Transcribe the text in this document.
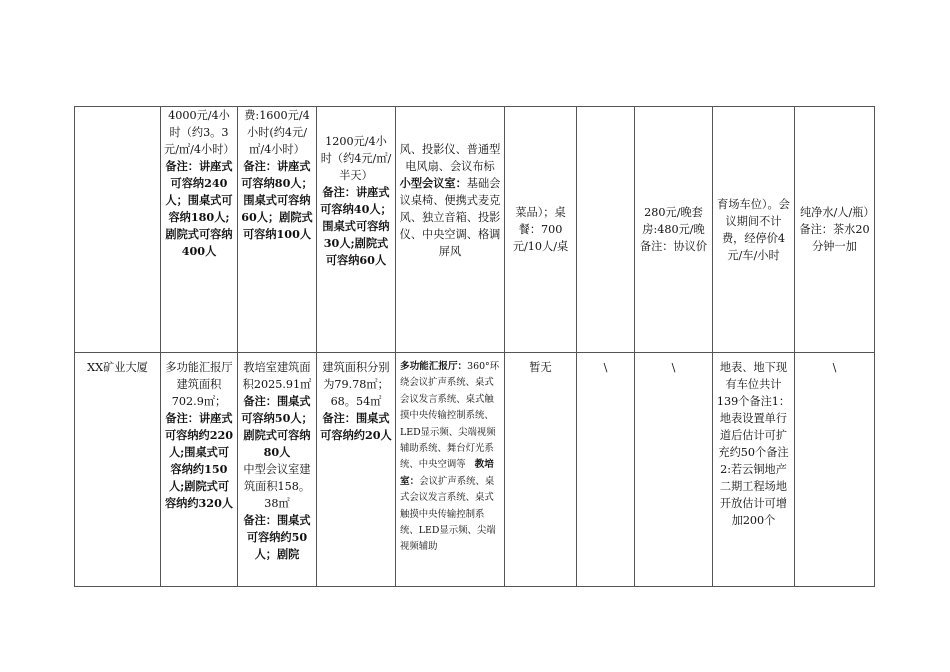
	4000元/4小时（约3。3元/㎡/4小时）
备注：讲座式可容纳240人；围桌式可容纳180人;剧院式可容纳400人	费:1600元/4小时(约4元/㎡/4小时）
备注：讲座式可容纳80人；围桌式可容纳60人；剧院式可容纳100人	1200元/4小时（约4元/㎡/半天）
备注：讲座式可容纳40人；围桌式可容纳30人;剧院式可容纳60人	风、投影仪、普通型电风扇、会议布标 小型会议室：基础会议桌椅、便携式麦克风、独立音箱、投影仪、中央空调、格调屏风	菜品）；桌餐：700元/10人/桌		280元/晚套房:480元/晚备注：协议价	育场车位）。会议期间不计费，经停价4元/车/小时	纯净水/人/瓶）备注：茶水20分钟一加
XX矿业大厦	多功能汇报厅建筑面积702.9㎡；
备注：讲座式可容纳约220人;围桌式可容纳约150人;剧院式可容纳约320人	教培室建筑面积2025.91㎡
备注：围桌式可容纳50人；剧院式可容纳80人
中型会议室建筑面积158。38㎡
备注：围桌式可容纳约50人；剧院	建筑面积分别为79.78㎡；68。54㎡
备注：围桌式可容纳约20人	多功能汇报厅：360°环绕会议扩声系统、桌式会议发言系统、桌式触摸中央传输控制系统、LED显示频、尖端视频辅助系统、舞台灯光系统、中央空调等 教培室：会议扩声系统、桌式会议发言系统、桌式触摸中央传输控制系统、LED显示频、尖端视频辅助	暂无	\	\	地表、地下现有车位共计139个备注1：地表设置单行道后估计可扩充约50个备注2:若云铜地产二期工程场地开放估计可增加200个	\
